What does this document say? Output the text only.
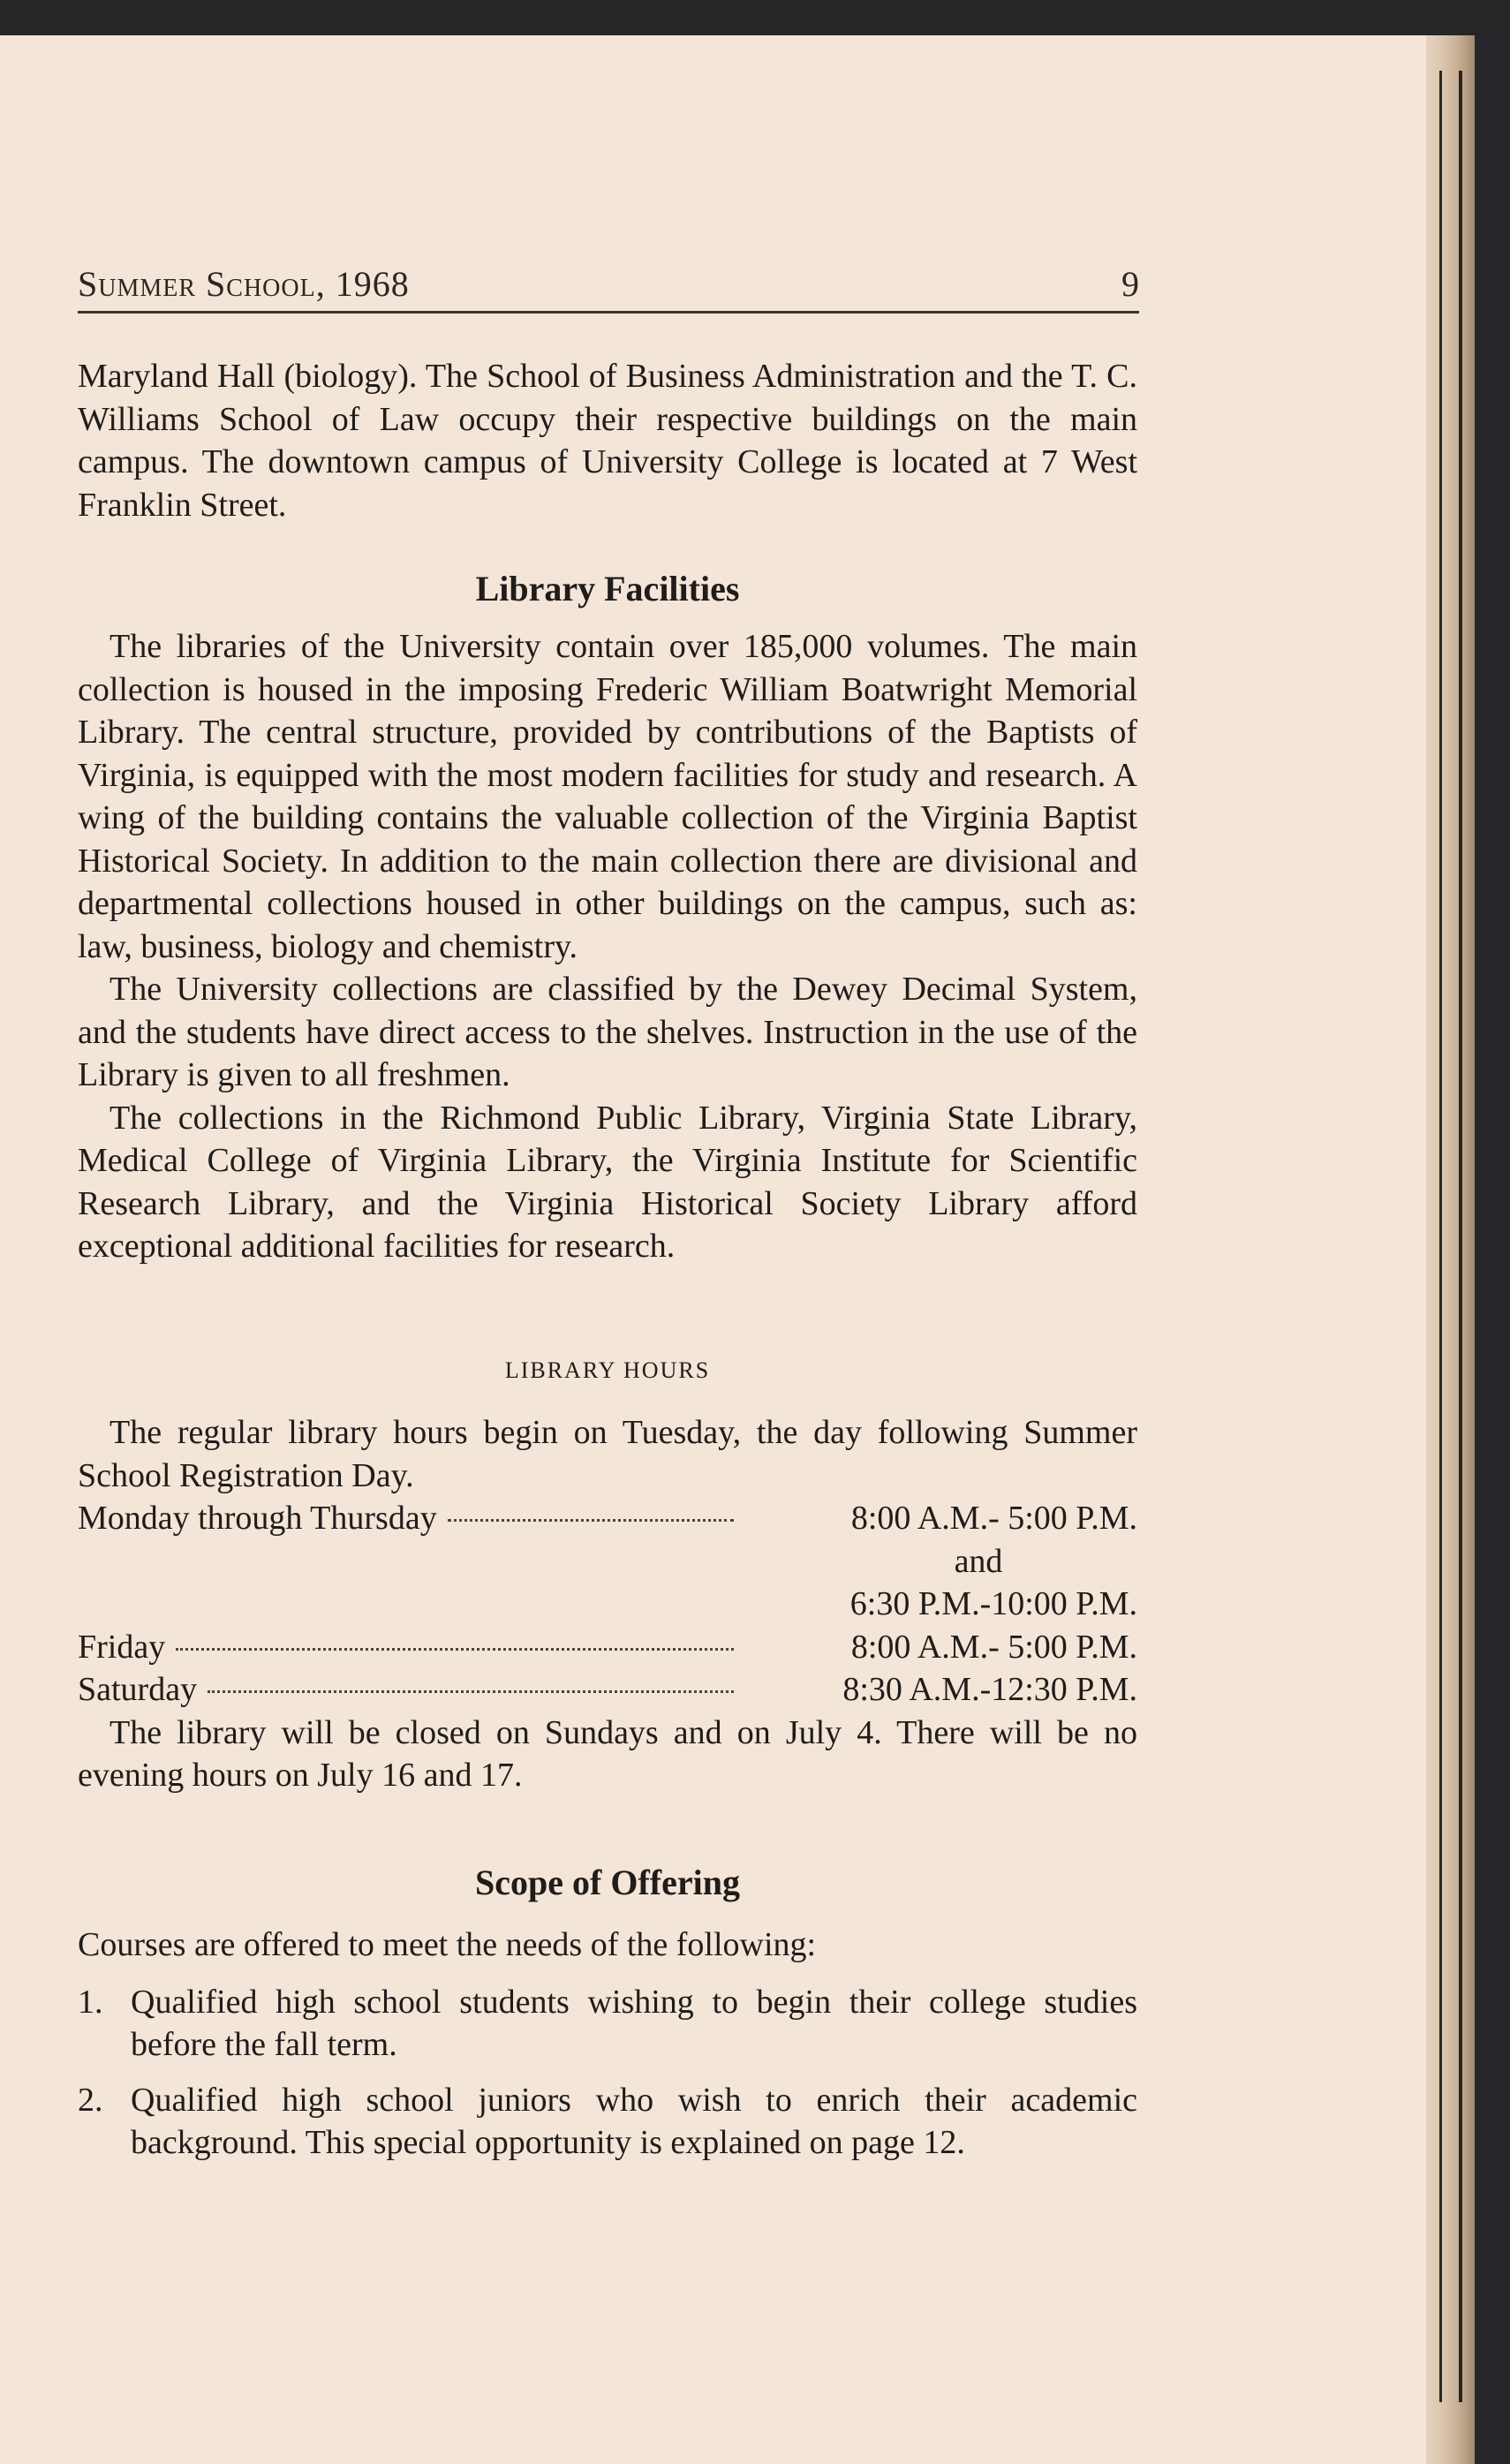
Summer School, 1968	9

Maryland Hall (biology). The School of Business Administration and the T. C. Williams School of Law occupy their respective buildings on the main campus. The downtown campus of University College is located at 7 West Franklin Street.

Library Facilities

The libraries of the University contain over 185,000 volumes. The main collection is housed in the imposing Frederic William Boatwright Memorial Library. The central structure, provided by contributions of the Baptists of Virginia, is equipped with the most modern facilities for study and research. A wing of the building contains the valuable collection of the Virginia Baptist Historical Society. In addition to the main collection there are divisional and departmental collections housed in other buildings on the campus, such as: law, business, biology and chemistry.

The University collections are classified by the Dewey Decimal System, and the students have direct access to the shelves. Instruction in the use of the Library is given to all freshmen.

The collections in the Richmond Public Library, Virginia State Library, Medical College of Virginia Library, the Virginia Institute for Scientific Research Library, and the Virginia Historical Society Library afford exceptional additional facilities for research.

LIBRARY HOURS

The regular library hours begin on Tuesday, the day following Summer School Registration Day.

Monday through Thursday	8:00 A.M.- 5:00 P.M.
and
6:30 P.M.-10:00 P.M.
Friday	8:00 A.M.- 5:00 P.M.
Saturday	8:30 A.M.-12:30 P.M.

The library will be closed on Sundays and on July 4. There will be no evening hours on July 16 and 17.

Scope of Offering

Courses are offered to meet the needs of the following:

1. Qualified high school students wishing to begin their college studies before the fall term.

2. Qualified high school juniors who wish to enrich their academic background. This special opportunity is explained on page 12.
